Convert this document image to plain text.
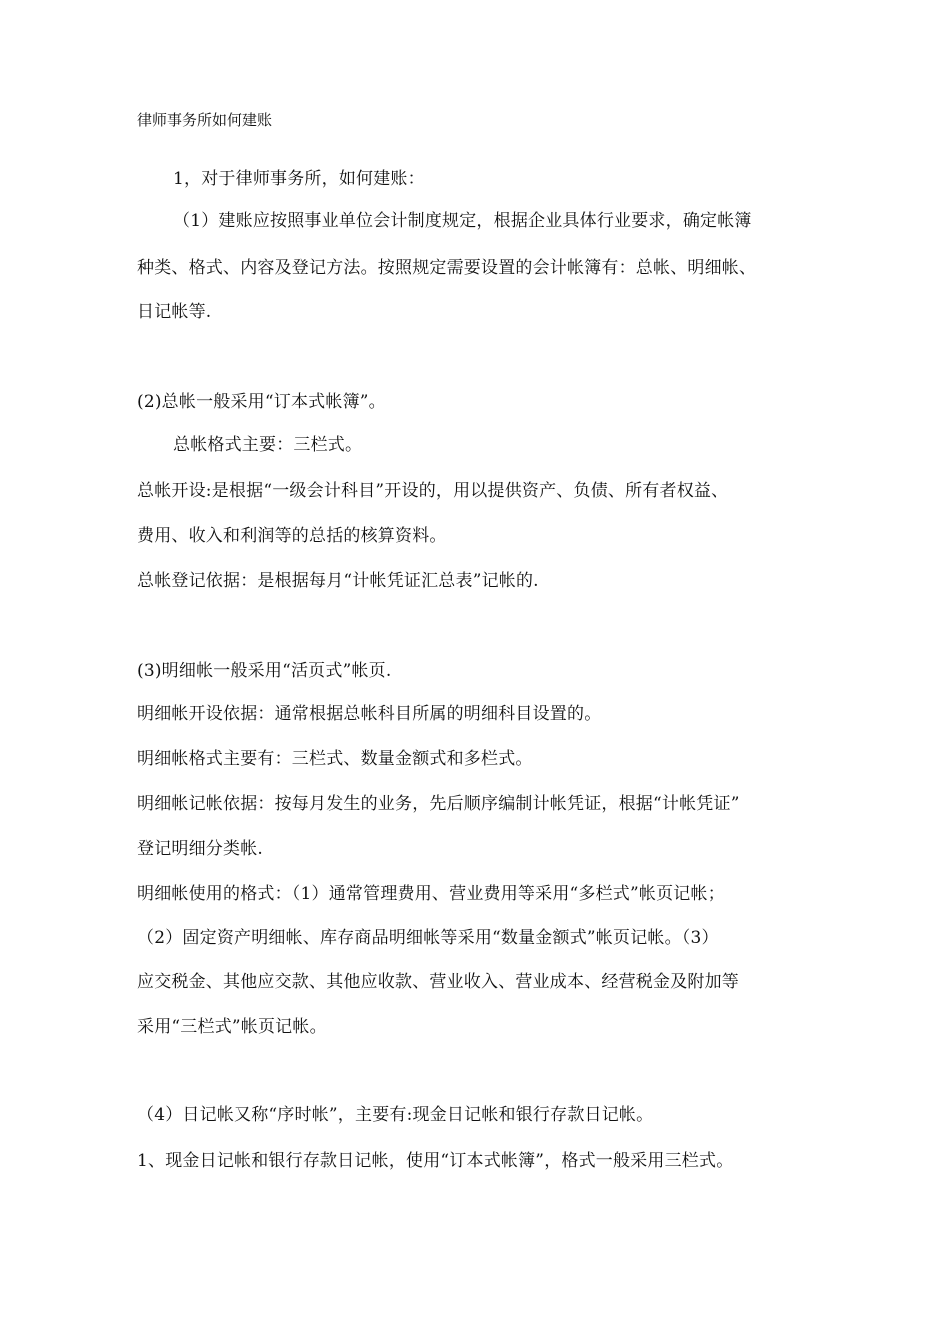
律师事务所如何建账
1，对于律师事务所，如何建账：
（1）建账应按照事业单位会计制度规定，根据企业具体行业要求，确定帐簿
种类、格式、内容及登记方法。按照规定需要设置的会计帐簿有：总帐、明细帐、
日记帐等.
(2)总帐一般采用“订本式帐簿”。
总帐格式主要：三栏式。
总帐开设:是根据“一级会计科目”开设的，用以提供资产、负债、所有者权益、
费用、收入和利润等的总括的核算资料。
总帐登记依据：是根据每月“计帐凭证汇总表”记帐的.
(3)明细帐一般采用“活页式”帐页.
明细帐开设依据：通常根据总帐科目所属的明细科目设置的。
明细帐格式主要有：三栏式、数量金额式和多栏式。
明细帐记帐依据：按每月发生的业务，先后顺序编制计帐凭证，根据“计帐凭证”
登记明细分类帐.
明细帐使用的格式：（1）通常管理费用、营业费用等采用“多栏式”帐页记帐；
（2）固定资产明细帐、库存商品明细帐等采用“数量金额式”帐页记帐。（3）
应交税金、其他应交款、其他应收款、营业收入、营业成本、经营税金及附加等
采用“三栏式”帐页记帐。
（4）日记帐又称“序时帐”，主要有:现金日记帐和银行存款日记帐。
1、现金日记帐和银行存款日记帐，使用“订本式帐簿”，格式一般采用三栏式。
